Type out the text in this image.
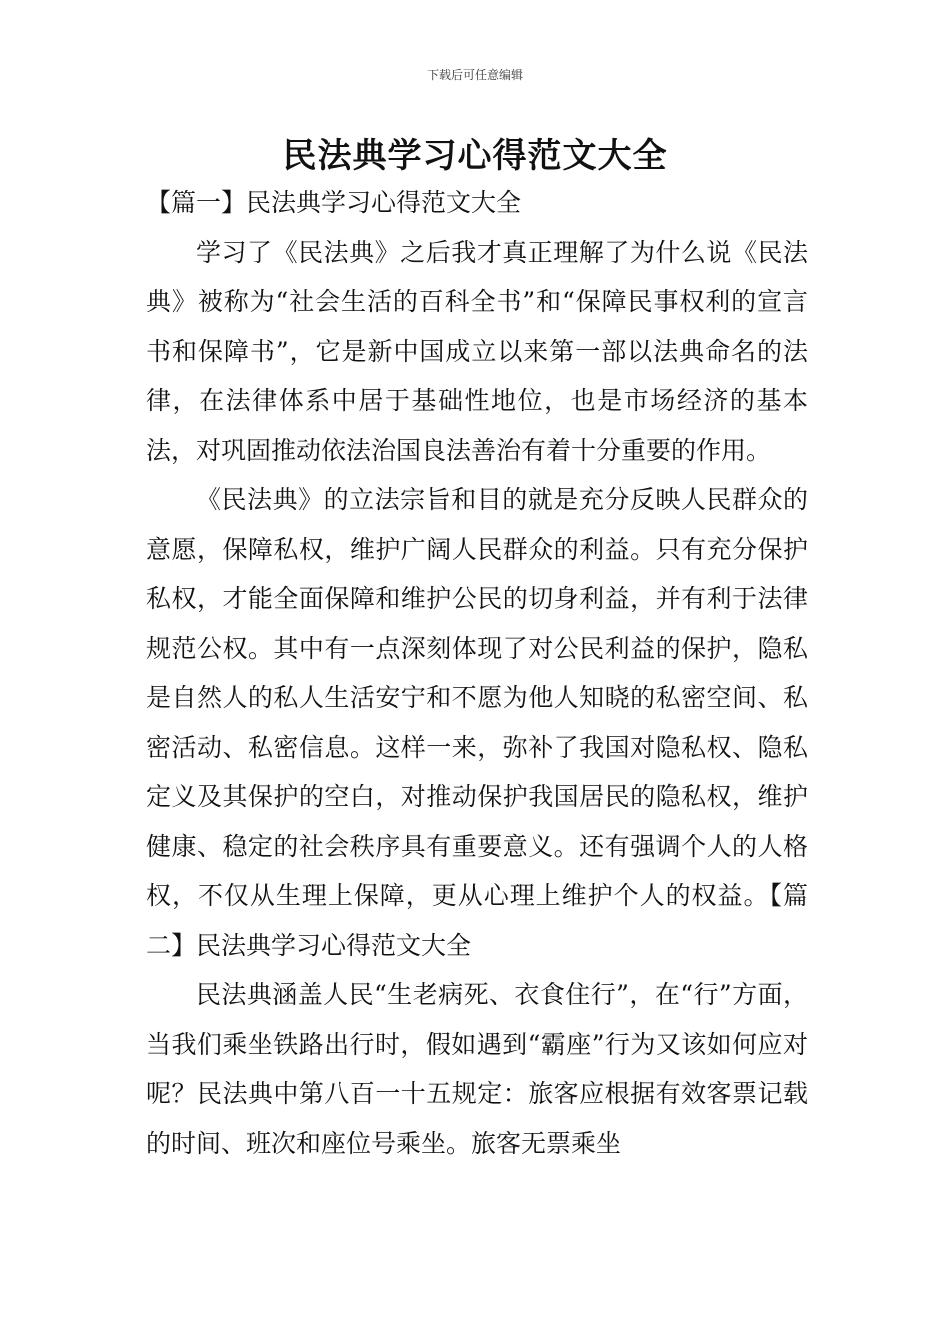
下载后可任意编辑
民法典学习心得范文大全
【篇一】民法典学习心得范文大全

学习了《民法典》之后我才真正理解了为什么说《民法典》被称为“社会生活的百科全书”和“保障民事权利的宣言书和保障书”，它是新中国成立以来第一部以法典命名的法律，在法律体系中居于基础性地位，也是市场经济的基本法，对巩固推动依法治国良法善治有着十分重要的作用。

《民法典》的立法宗旨和目的就是充分反映人民群众的意愿，保障私权，维护广阔人民群众的利益。只有充分保护私权，才能全面保障和维护公民的切身利益，并有利于法律规范公权。其中有一点深刻体现了对公民利益的保护，隐私是自然人的私人生活安宁和不愿为他人知晓的私密空间、私密活动、私密信息。这样一来，弥补了我国对隐私权、隐私定义及其保护的空白，对推动保护我国居民的隐私权，维护健康、稳定的社会秩序具有重要意义。还有强调个人的人格权，不仅从生理上保障，更从心理上维护个人的权益。【篇二】民法典学习心得范文大全

民法典涵盖人民“生老病死、衣食住行”，在“行”方面，当我们乘坐铁路出行时，假如遇到“霸座”行为又该如何应对呢？民法典中第八百一十五规定：旅客应根据有效客票记载的时间、班次和座位号乘坐。旅客无票乘坐
